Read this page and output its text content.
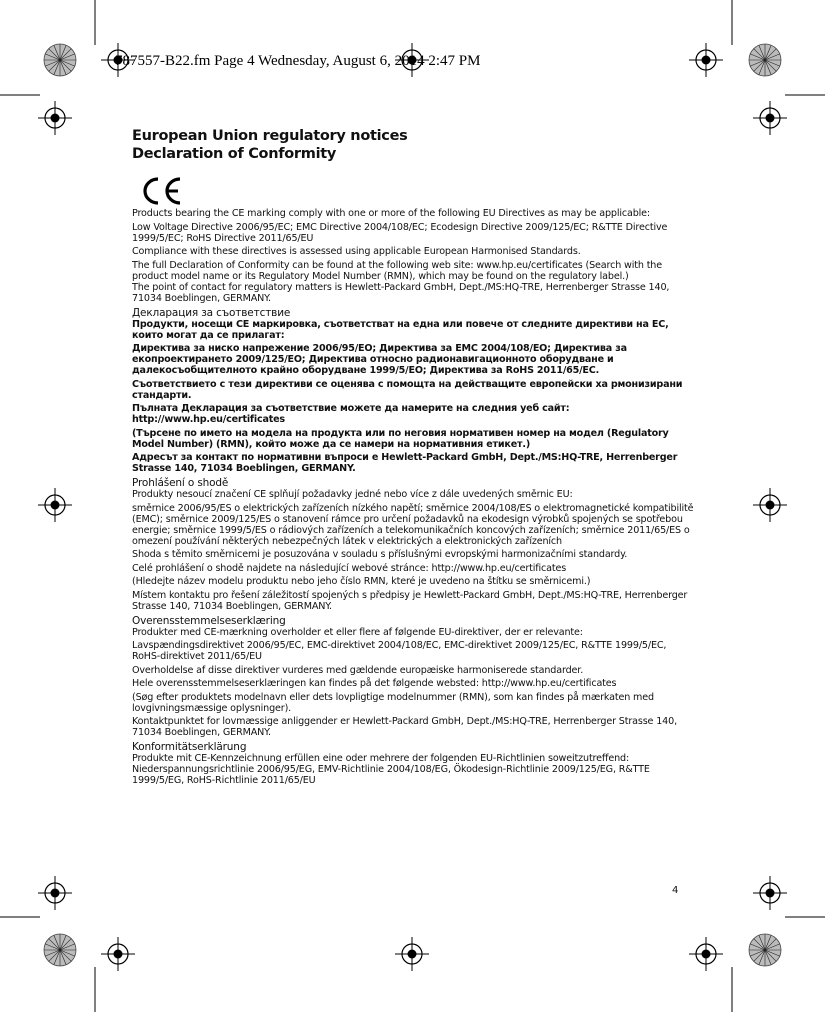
787557-B22.fm Page 4 Wednesday, August 6, 2014 2:47 PM
European Union regulatory notices
Declaration of Conformity

Products bearing the CE marking comply with one or more of the following EU Directives as may be applicable:

Low Voltage Directive 2006/95/EC; EMC Directive 2004/108/EC; Ecodesign Directive 2009/125/EC; R&TTE Directive 1999/5/EC; RoHS Directive 2011/65/EU

Compliance with these directives is assessed using applicable European Harmonised Standards.

The full Declaration of Conformity can be found at the following web site: www.hp.eu/certificates (Search with the product model name or its Regulatory Model Number (RMN), which may be found on the regulatory label.)

The point of contact for regulatory matters is Hewlett-Packard GmbH, Dept./MS:HQ-TRE, Herrenberger Strasse 140, 71034 Boeblingen, GERMANY.

Декларация за съответствие

Продукти, носещи CE маркировка, съответстват на една или повече от следните директиви на ЕС, които могат да се прилагат:

Директива за ниско напрежение 2006/95/ЕО; Директива за EMC 2004/108/ЕО; Директива за екопроектирането 2009/125/ЕО; Директива относно радионавигационното оборудване и далекосъобщителното крайно оборудване 1999/5/ЕО; Директива за RoHS 2011/65/ЕС.

Съответствието с тези директиви се оценява с помощта на действащите европейски ха рмонизирани стандарти.

Пълната Декларация за съответствие можете да намерите на следния уеб сайт: http://www.hp.eu/certificates

(Търсене по името на модела на продукта или по неговия нормативен номер на модел (Regulatory Model Number) (RMN), който може да се намери на нормативния етикет.)

Адресът за контакт по нормативни въпроси е Hewlett-Packard GmbH, Dept./MS:HQ-TRE, Herrenberger Strasse 140, 71034 Boeblingen, GERMANY.

Prohlášení o shodě

Produkty nesoucí značení CE splňují požadavky jedné nebo více z dále uvedených směrnic EU:

směrnice 2006/95/ES o elektrických zařízeních nízkého napětí; směrnice 2004/108/ES o elektromagnetické kompatibilitě (EMC); směrnice 2009/125/ES o stanovení rámce pro určení požadavků na ekodesign výrobků spojených se spotřebou energie; směrnice 1999/5/ES o rádiových zařízeních a telekomunikačních koncových zařízeních; směrnice 2011/65/ES o omezení používání některých nebezpečných látek v elektrických a elektronických zařízeních

Shoda s těmito směrnicemi je posuzována v souladu s příslušnými evropskými harmonizačními standardy.

Celé prohlášení o shodě najdete na následující webové stránce: http://www.hp.eu/certificates

(Hledejte název modelu produktu nebo jeho číslo RMN, které je uvedeno na štítku se směrnicemi.)

Místem kontaktu pro řešení záležitostí spojených s předpisy je Hewlett-Packard GmbH, Dept./MS:HQ-TRE, Herrenberger Strasse 140, 71034 Boeblingen, GERMANY.

Overensstemmelseserklæring

Produkter med CE-mærkning overholder et eller flere af følgende EU-direktiver, der er relevante:

Lavspændingsdirektivet 2006/95/EC, EMC-direktivet 2004/108/EC, EMC-direktivet 2009/125/EC, R&TTE 1999/5/EC, RoHS-direktivet 2011/65/EU

Overholdelse af disse direktiver vurderes med gældende europæiske harmoniserede standarder.

Hele overensstemmelseserklæringen kan findes på det følgende websted: http://www.hp.eu/certificates

(Søg efter produktets modelnavn eller dets lovpligtige modelnummer (RMN), som kan findes på mærkaten med lovgivningsmæssige oplysninger).

Kontaktpunktet for lovmæssige anliggender er Hewlett-Packard GmbH, Dept./MS:HQ-TRE, Herrenberger Strasse 140, 71034 Boeblingen, GERMANY.

Konformitätserklärung

Produkte mit CE-Kennzeichnung erfüllen eine oder mehrere der folgenden EU-Richtlinien soweitzutreffend:

Niederspannungsrichtlinie 2006/95/EG, EMV-Richtlinie 2004/108/EG, Ökodesign-Richtlinie 2009/125/EG, R&TTE 1999/5/EG, RoHS-Richtlinie 2011/65/EU

4
